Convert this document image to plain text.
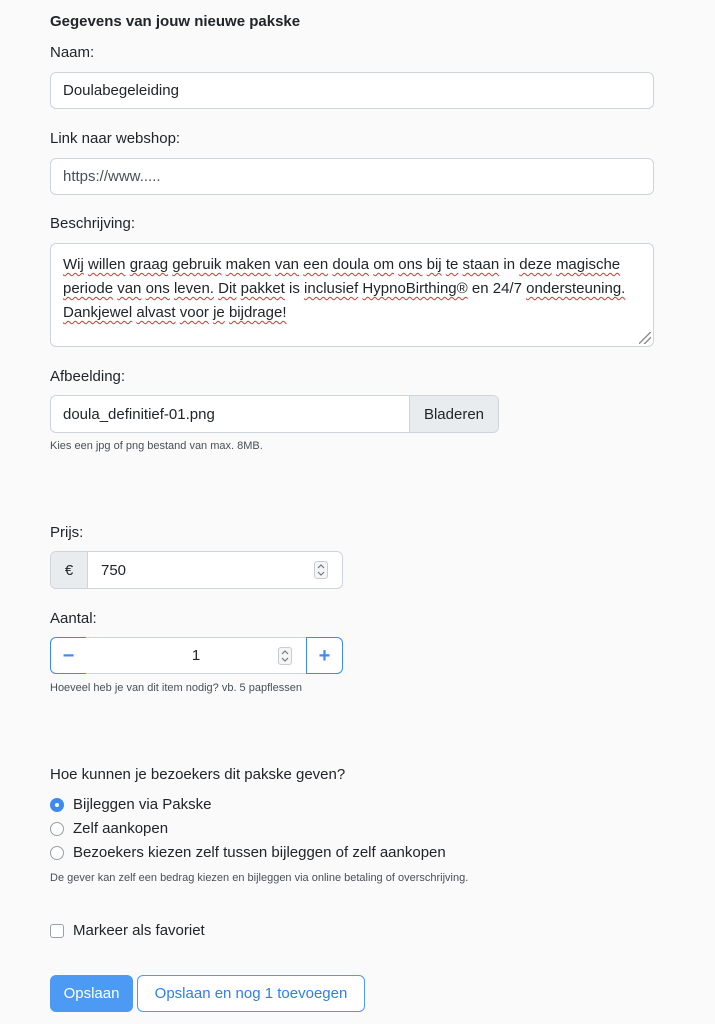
Gegevens van jouw nieuwe pakske
Naam:
Doulabegeleiding
Link naar webshop:
https://www.....
Beschrijving:
Wij willen graag gebruik maken van een doula om ons bij te staan in deze magische periode van ons leven. Dit pakket is inclusief HypnoBirthing® en 24/7 ondersteuning. Dankjewel alvast voor je bijdrage!
Afbeelding:
doula_definitief-01.png	Bladeren
Kies een jpg of png bestand van max. 8MB.
Prijs:
€	750
Aantal:
−	1	+
Hoeveel heb je van dit item nodig? vb. 5 papflessen
Hoe kunnen je bezoekers dit pakske geven?
Bijleggen via Pakske
Zelf aankopen
Bezoekers kiezen zelf tussen bijleggen of zelf aankopen
De gever kan zelf een bedrag kiezen en bijleggen via online betaling of overschrijving.
Markeer als favoriet
Opslaan	Opslaan en nog 1 toevoegen
